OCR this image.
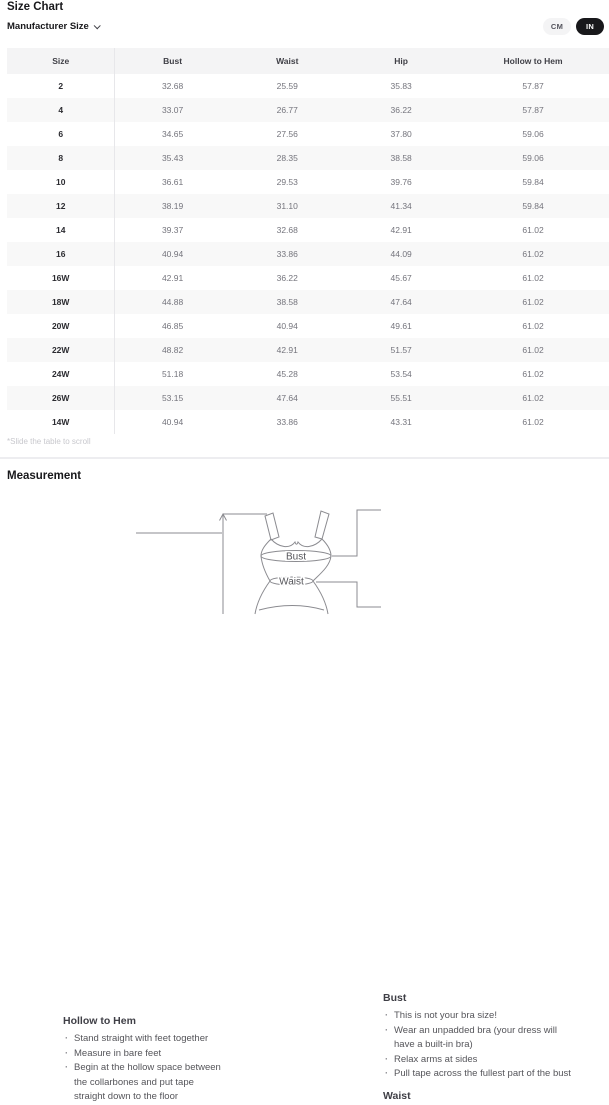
Size Chart
Manufacturer Size	CM	IN
Size	Bust	Waist	Hip	Hollow to Hem
2	32.68	25.59	35.83	57.87
4	33.07	26.77	36.22	57.87
6	34.65	27.56	37.80	59.06
8	35.43	28.35	38.58	59.06
10	36.61	29.53	39.76	59.84
12	38.19	31.10	41.34	59.84
14	39.37	32.68	42.91	61.02
16	40.94	33.86	44.09	61.02
16W	42.91	36.22	45.67	61.02
18W	44.88	38.58	47.64	61.02
20W	46.85	40.94	49.61	61.02
22W	48.82	42.91	51.57	61.02
24W	51.18	45.28	53.54	61.02
26W	53.15	47.64	55.51	61.02
14W	40.94	33.86	43.31	61.02
*Slide the table to scroll
Measurement
Bust
Waist
Hollow to Hem
· Stand straight with feet together
· Measure in bare feet
· Begin at the hollow space between
the collarbones and put tape
straight down to the floor
Bust
· This is not your bra size!
· Wear an unpadded bra (your dress will
have a built-in bra)
· Relax arms at sides
· Pull tape across the fullest part of the bust
Waist
